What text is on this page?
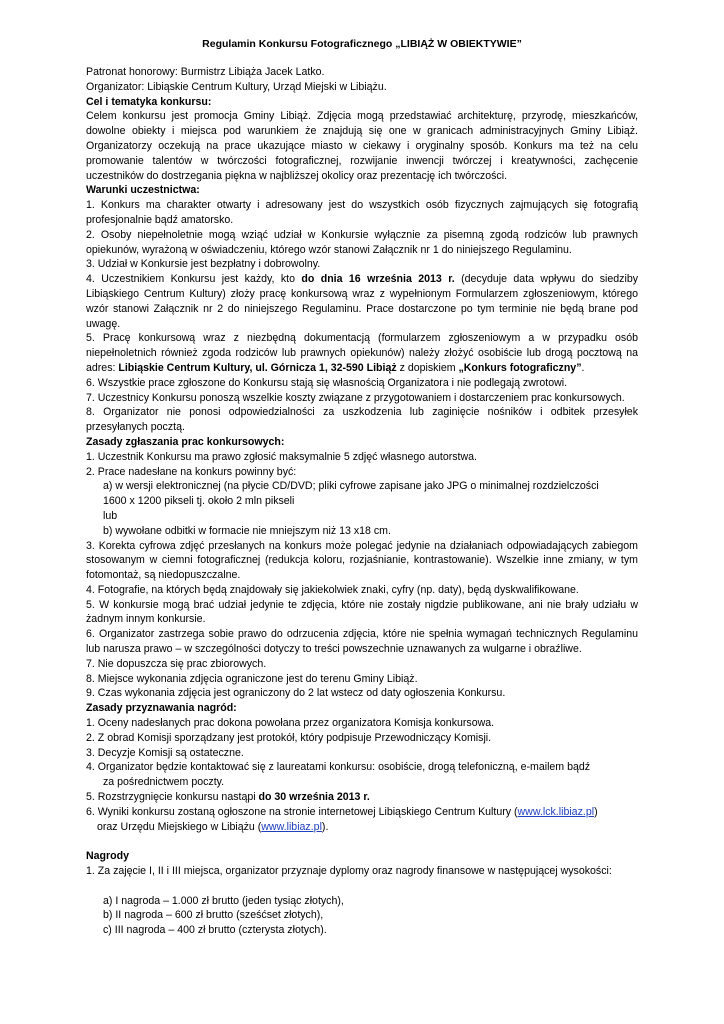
Regulamin Konkursu Fotograficznego „LIBIĄŻ W OBIEKTYWIE”

Patronat honorowy: Burmistrz Libiąża Jacek Latko.

Organizator: Libiąskie Centrum Kultury, Urząd Miejski w Libiążu.

Cel i tematyka konkursu:

Celem konkursu jest promocja Gminy Libiąż. Zdjęcia mogą przedstawiać architekturę, przyrodę, mieszkańców, dowolne obiekty i miejsca pod warunkiem że znajdują się one w granicach administracyjnych Gminy Libiąż. Organizatorzy oczekują na prace ukazujące miasto w ciekawy i oryginalny sposób. Konkurs ma też na celu promowanie talentów w twórczości fotograficznej, rozwijanie inwencji twórczej i kreatywności, zachęcenie uczestników do dostrzegania piękna w najbliższej okolicy oraz prezentację ich twórczości.

Warunki uczestnictwa:

1. Konkurs ma charakter otwarty i adresowany jest do wszystkich osób fizycznych zajmujących się fotografią profesjonalnie bądź amatorsko.

2. Osoby niepełnoletnie mogą wziąć udział w Konkursie wyłącznie za pisemną zgodą rodziców lub prawnych opiekunów, wyrażoną w oświadczeniu, którego wzór stanowi Załącznik nr 1 do niniejszego Regulaminu.

3. Udział w Konkursie jest bezpłatny i dobrowolny.

4. Uczestnikiem Konkursu jest każdy, kto do dnia 16 września 2013 r. (decyduje data wpływu do siedziby Libiąskiego Centrum Kultury) złoży pracę konkursową wraz z wypełnionym Formularzem zgłoszeniowym, którego wzór stanowi Załącznik nr 2 do niniejszego Regulaminu. Prace dostarczone po tym terminie nie będą brane pod uwagę.

5. Pracę konkursową wraz z niezbędną dokumentacją (formularzem zgłoszeniowym a w przypadku osób niepełnoletnich również zgoda rodziców lub prawnych opiekunów) należy złożyć osobiście lub drogą pocztową na adres: Libiąskie Centrum Kultury, ul. Górnicza 1, 32-590 Libiąż z dopiskiem „Konkurs fotograficzny”.

6. Wszystkie prace zgłoszone do Konkursu stają się własnością Organizatora i nie podlegają zwrotowi.

7. Uczestnicy Konkursu ponoszą wszelkie koszty związane z przygotowaniem i dostarczeniem prac konkursowych.

8. Organizator nie ponosi odpowiedzialności za uszkodzenia lub zaginięcie nośników i odbitek przesyłek przesyłanych pocztą.

Zasady zgłaszania prac konkursowych:

1. Uczestnik Konkursu ma prawo zgłosić maksymalnie 5 zdjęć własnego autorstwa.

2. Prace nadesłane na konkurs powinny być:

a) w wersji elektronicznej (na płycie CD/DVD; pliki cyfrowe zapisane jako JPG o minimalnej rozdzielczości

1600 x 1200 pikseli tj. około 2 mln pikseli

lub

b) wywołane odbitki w formacie nie mniejszym niż 13 x18 cm.

3. Korekta cyfrowa zdjęć przesłanych na konkurs może polegać jedynie na działaniach odpowiadających zabiegom stosowanym w ciemni fotograficznej (redukcja koloru, rozjaśnianie, kontrastowanie). Wszelkie inne zmiany, w tym fotomontaż, są niedopuszczalne.

4. Fotografie, na których będą znajdowały się jakiekolwiek znaki, cyfry (np. daty), będą dyskwalifikowane.

5. W konkursie mogą brać udział jedynie te zdjęcia, które nie zostały nigdzie publikowane, ani nie brały udziału w żadnym innym konkursie.

6. Organizator zastrzega sobie prawo do odrzucenia zdjęcia, które nie spełnia wymagań technicznych Regulaminu lub narusza prawo – w szczególności dotyczy to treści powszechnie uznawanych za wulgarne i obraźliwe.

7. Nie dopuszcza się prac zbiorowych.

8. Miejsce wykonania zdjęcia ograniczone jest do terenu Gminy Libiąż.

9. Czas wykonania zdjęcia jest ograniczony do 2 lat wstecz od daty ogłoszenia Konkursu.

Zasady przyznawania nagród:

1. Oceny nadesłanych prac dokona powołana przez organizatora Komisja konkursowa.

2. Z obrad Komisji sporządzany jest protokół, który podpisuje Przewodniczący Komisji.

3. Decyzje Komisji są ostateczne.

4. Organizator będzie kontaktować się z laureatami konkursu: osobiście, drogą telefoniczną, e-mailem bądź

za pośrednictwem poczty.

5. Rozstrzygnięcie konkursu nastąpi do 30 września 2013 r.

6. Wyniki konkursu zostaną ogłoszone na stronie internetowej Libiąskiego Centrum Kultury (www.lck.libiaz.pl)

oraz Urzędu Miejskiego w Libiążu (www.libiaz.pl).

Nagrody

1. Za zajęcie I, II i III miejsca, organizator przyznaje dyplomy oraz nagrody finansowe w następującej wysokości:

a) I nagroda – 1.000 zł brutto (jeden tysiąc złotych),

b) II nagroda – 600 zł brutto (sześćset złotych),

c) III nagroda – 400 zł brutto (czterysta złotych).
